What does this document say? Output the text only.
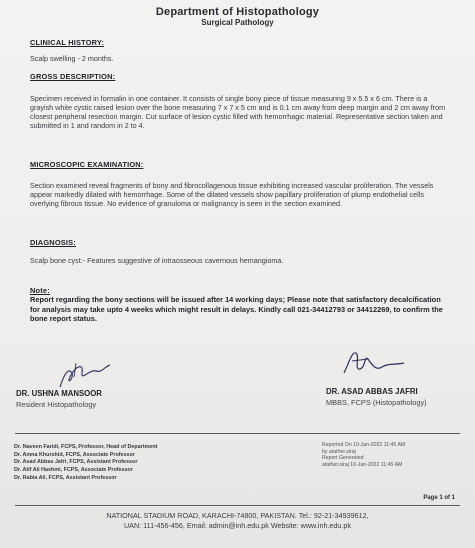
Department of Histopathology
Surgical Pathology
CLINICAL HISTORY:
Scalp swelling - 2 months.
GROSS DESCRIPTION:
Specimen received in formalin in one container. It consists of single bony piece of tissue measuring 9 x 5.5 x 6 cm. There is a grayish white cystic raised lesion over the bone measuring 7 x 7 x 5 cm and is 0.1 cm away from deep margin and 2 cm away from closest peripheral resection margin. Cut surface of lesion cystic filled with hemorrhagic material. Representative section taken and submitted in 1 and random in 2 to 4.
MICROSCOPIC EXAMINATION:
Section examined reveal fragments of bony and fibrocollagenous tissue exhibiting increased vascular proliferation. The vessels appear markedly dilated with hemorrhage. Some of the dilated vessels show papillary proliferation of plump endothelial cells overlying fibrous tissue. No evidence of granuloma or malignancy is seen in the section examined.
DIAGNOSIS:
Scalp bone cyst:- Features suggestive of intraosseous cavernous hemangioma.
Note:
Report regarding the bony sections will be issued after 14 working days; Please note that satisfactory decalcification for analysis may take upto 4 weeks which might result in delays. Kindly call 021-34412793 or 34412269, to confirm the bone report status.
DR. USHNA MANSOOR
Resident Histopathology
DR. ASAD ABBAS JAFRI
MBBS, FCPS (Histopathology)
Dr. Naveen Faridi, FCPS, Professor, Head of Department
Dr. Amna Khurshid, FCPS, Associate Professor
Dr. Asad Abbas Jafri, FCPS, Assistant Professor
Dr. Atif Ali Hashmi, FCPS, Associate Professor
Dr. Rabia Ali, FCPS, Assistant Professor
Reported On 10-Jan-2022 11:45 AM
by atather.siraj
Report Generated
atather.siraj 10-Jan-2022 11:45 AM
Page 1 of 1
NATIONAL STADIUM ROAD, KARACHI-74800, PAKISTAN. Tel.: 92-21-34939612,
UAN: 111-456-456, Email: admin@inh.edu.pk Website: www.inh.edu.pk
